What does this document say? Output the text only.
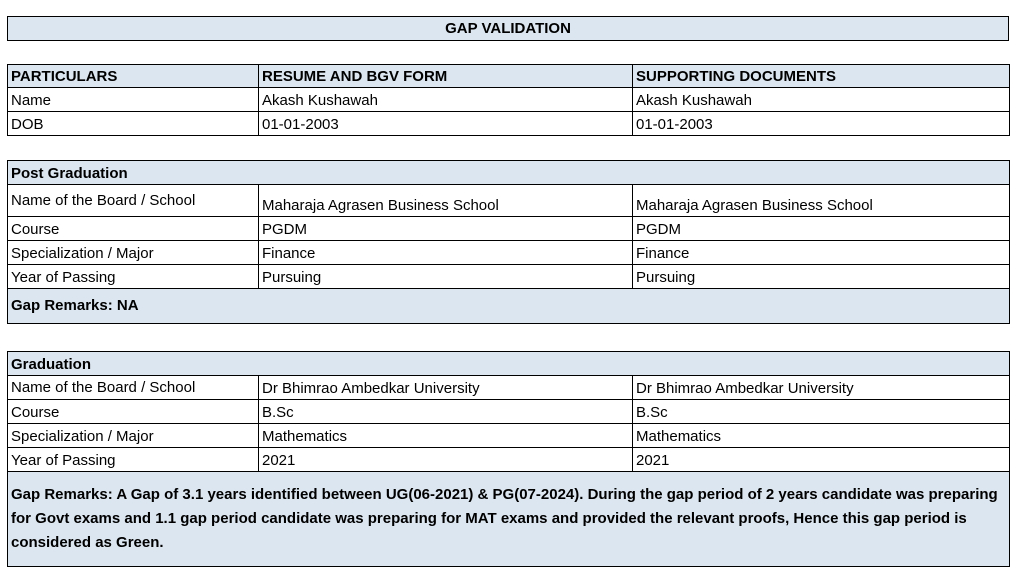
GAP VALIDATION
PARTICULARS	RESUME AND BGV FORM	SUPPORTING DOCUMENTS
Name	Akash Kushawah	Akash Kushawah
DOB	01-01-2003	01-01-2003
Post Graduation		
Name of the Board / School	Maharaja Agrasen Business School	Maharaja Agrasen Business School
Course	PGDM	PGDM
Specialization / Major	Finance	Finance
Year of Passing	Pursuing	Pursuing
Gap Remarks: NA		
Graduation		
Name of the Board / School	Dr Bhimrao Ambedkar University	Dr Bhimrao Ambedkar University
Course	B.Sc	B.Sc
Specialization / Major	Mathematics	Mathematics
Year of Passing	2021	2021
Gap Remarks: A Gap of 3.1 years identified between UG(06-2021) & PG(07-2024). During the gap period of 2 years candidate was preparing for Govt exams and 1.1 gap period candidate was preparing for MAT exams and provided the relevant proofs, Hence this gap period is considered as Green.		
